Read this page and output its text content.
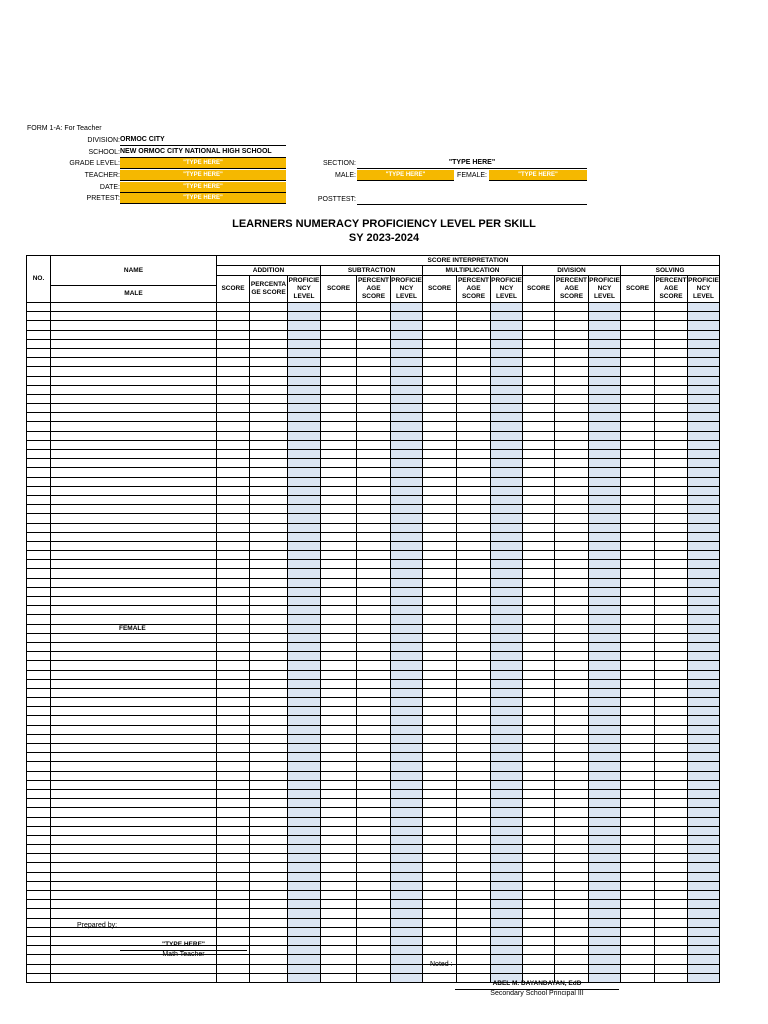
FORM 1-A: For Teacher
DIVISION: ORMOC CITY
SCHOOL: NEW ORMOC CITY NATIONAL HIGH SCHOOL
GRADE LEVEL:	"TYPE HERE"
TEACHER:	"TYPE HERE"
DATE:	"TYPE HERE"
PRETEST:	"TYPE HERE"
SECTION:	"TYPE HERE"
MALE:	"TYPE HERE"	FEMALE:	"TYPE HERE"
POSTTEST:
LEARNERS NUMERACY PROFICIENCY LEVEL PER SKILL
SY 2023-2024
NO.	NAME	SCORE INTERPRETATION														
		ADDITION			SUBTRACTION			MULTIPLICATION			DIVISION			SOLVING		
		SCORE	PERCENTA GE SCORE	PROFICIE NCY LEVEL	SCORE	PERCENT AGE SCORE	PROFICIE NCY LEVEL	SCORE	PERCENT AGE SCORE	PROFICIE NCY LEVEL	SCORE	PERCENT AGE SCORE	PROFICIE NCY LEVEL	SCORE	PERCENT AGE SCORE	PROFICIE NCY LEVEL
	MALE															

	FEMALE															

Prepared by:
"TYPE HERE"
Math Teacher
Noted :
ABEL M. DAYANDAYAN, EdD
Secondary School Principal III
